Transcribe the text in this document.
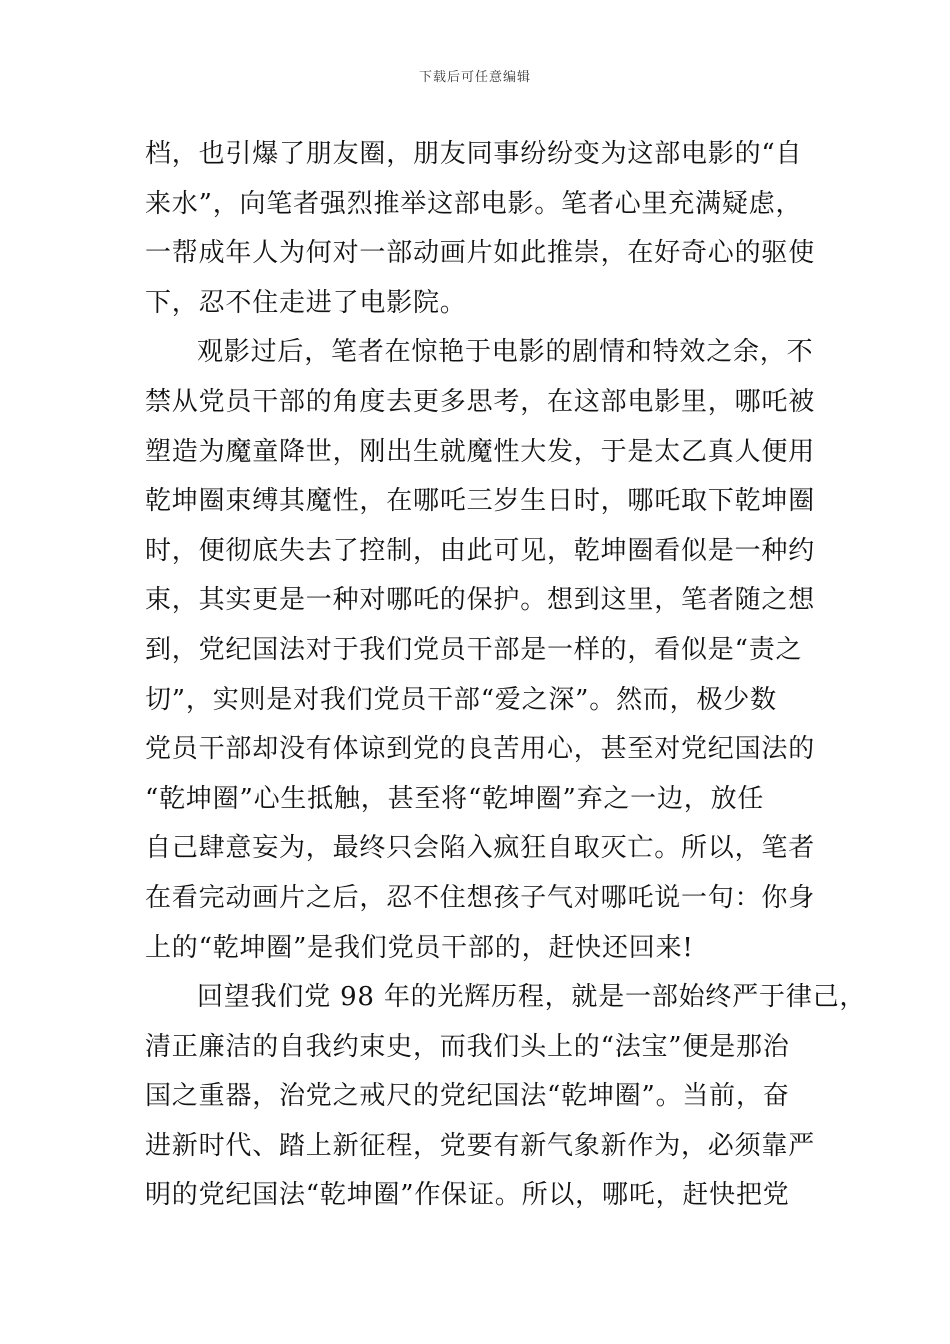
下载后可任意编辑
档，也引爆了朋友圈，朋友同事纷纷变为这部电影的“自
来水”，向笔者强烈推举这部电影。笔者心里充满疑虑，
一帮成年人为何对一部动画片如此推崇，在好奇心的驱使
下，忍不住走进了电影院。
观影过后，笔者在惊艳于电影的剧情和特效之余，不
禁从党员干部的角度去更多思考，在这部电影里，哪吒被
塑造为魔童降世，刚出生就魔性大发，于是太乙真人便用
乾坤圈束缚其魔性，在哪吒三岁生日时，哪吒取下乾坤圈
时，便彻底失去了控制，由此可见，乾坤圈看似是一种约
束，其实更是一种对哪吒的保护。想到这里，笔者随之想
到，党纪国法对于我们党员干部是一样的，看似是“责之
切”，实则是对我们党员干部“爱之深”。然而，极少数
党员干部却没有体谅到党的良苦用心，甚至对党纪国法的
“乾坤圈”心生抵触，甚至将“乾坤圈”弃之一边，放任
自己肆意妄为，最终只会陷入疯狂自取灭亡。所以，笔者
在看完动画片之后，忍不住想孩子气对哪吒说一句：你身
上的“乾坤圈”是我们党员干部的，赶快还回来!
回望我们党 98 年的光辉历程，就是一部始终严于律己，
清正廉洁的自我约束史，而我们头上的“法宝”便是那治
国之重器，治党之戒尺的党纪国法“乾坤圈”。当前，奋
进新时代、踏上新征程，党要有新气象新作为，必须靠严
明的党纪国法“乾坤圈”作保证。所以，哪吒，赶快把党
